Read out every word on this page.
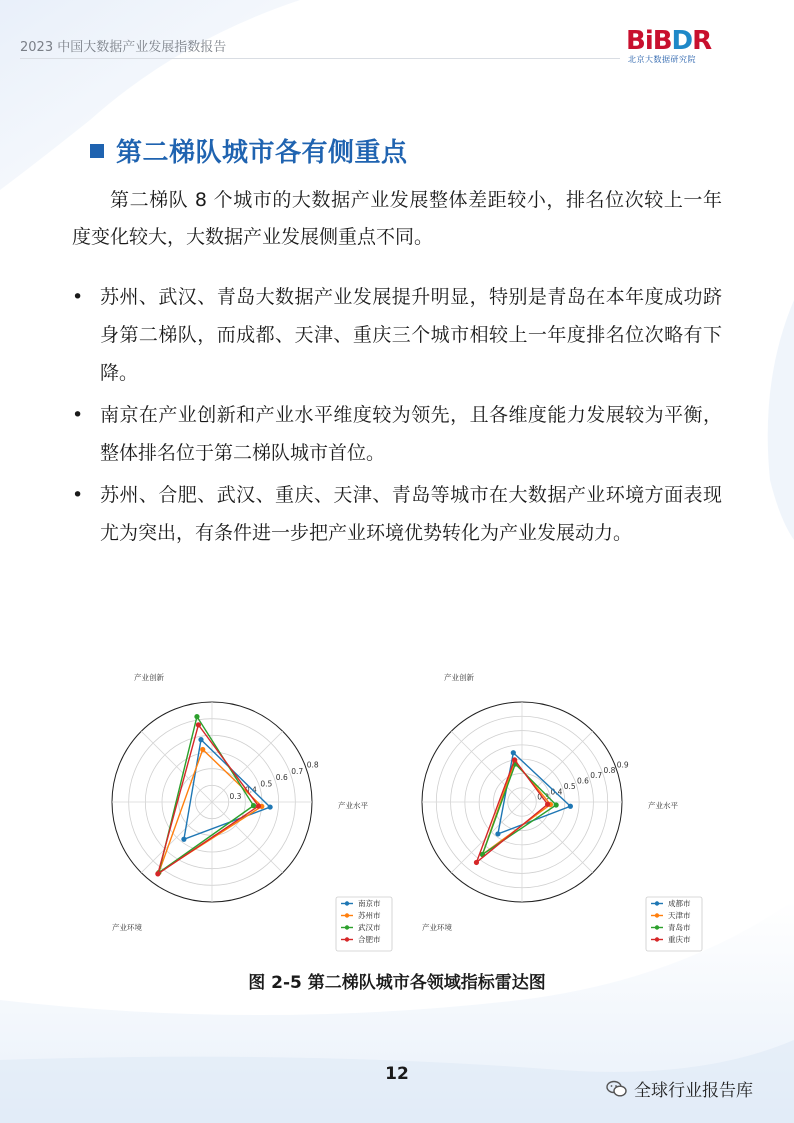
2023 中国大数据产业发展指数报告	BiBDR
北京大数据研究院
第二梯队城市各有侧重点
第二梯队 8 个城市的大数据产业发展整体差距较小，排名位次较上一年度变化较大，大数据产业发展侧重点不同。
• 苏州、武汉、青岛大数据产业发展提升明显，特别是青岛在本年度成功跻身第二梯队，而成都、天津、重庆三个城市相较上一年度排名位次略有下降。
• 南京在产业创新和产业水平维度较为领先，且各维度能力发展较为平衡，整体排名位于第二梯队城市首位。
• 苏州、合肥、武汉、重庆、天津、青岛等城市在大数据产业环境方面表现尤为突出，有条件进一步把产业环境优势转化为产业发展动力。
0.3
0.4
0.5
0.6
0.7
0.8
产业创新
产业水平
产业环境
南京市
苏州市
武汉市
合肥市
0.3
0.4
0.5
0.6
0.7
0.8
0.9
产业创新
产业水平
产业环境
成都市
天津市
青岛市
重庆市
图 2-5 第二梯队城市各领域指标雷达图
12
全球行业报告库
